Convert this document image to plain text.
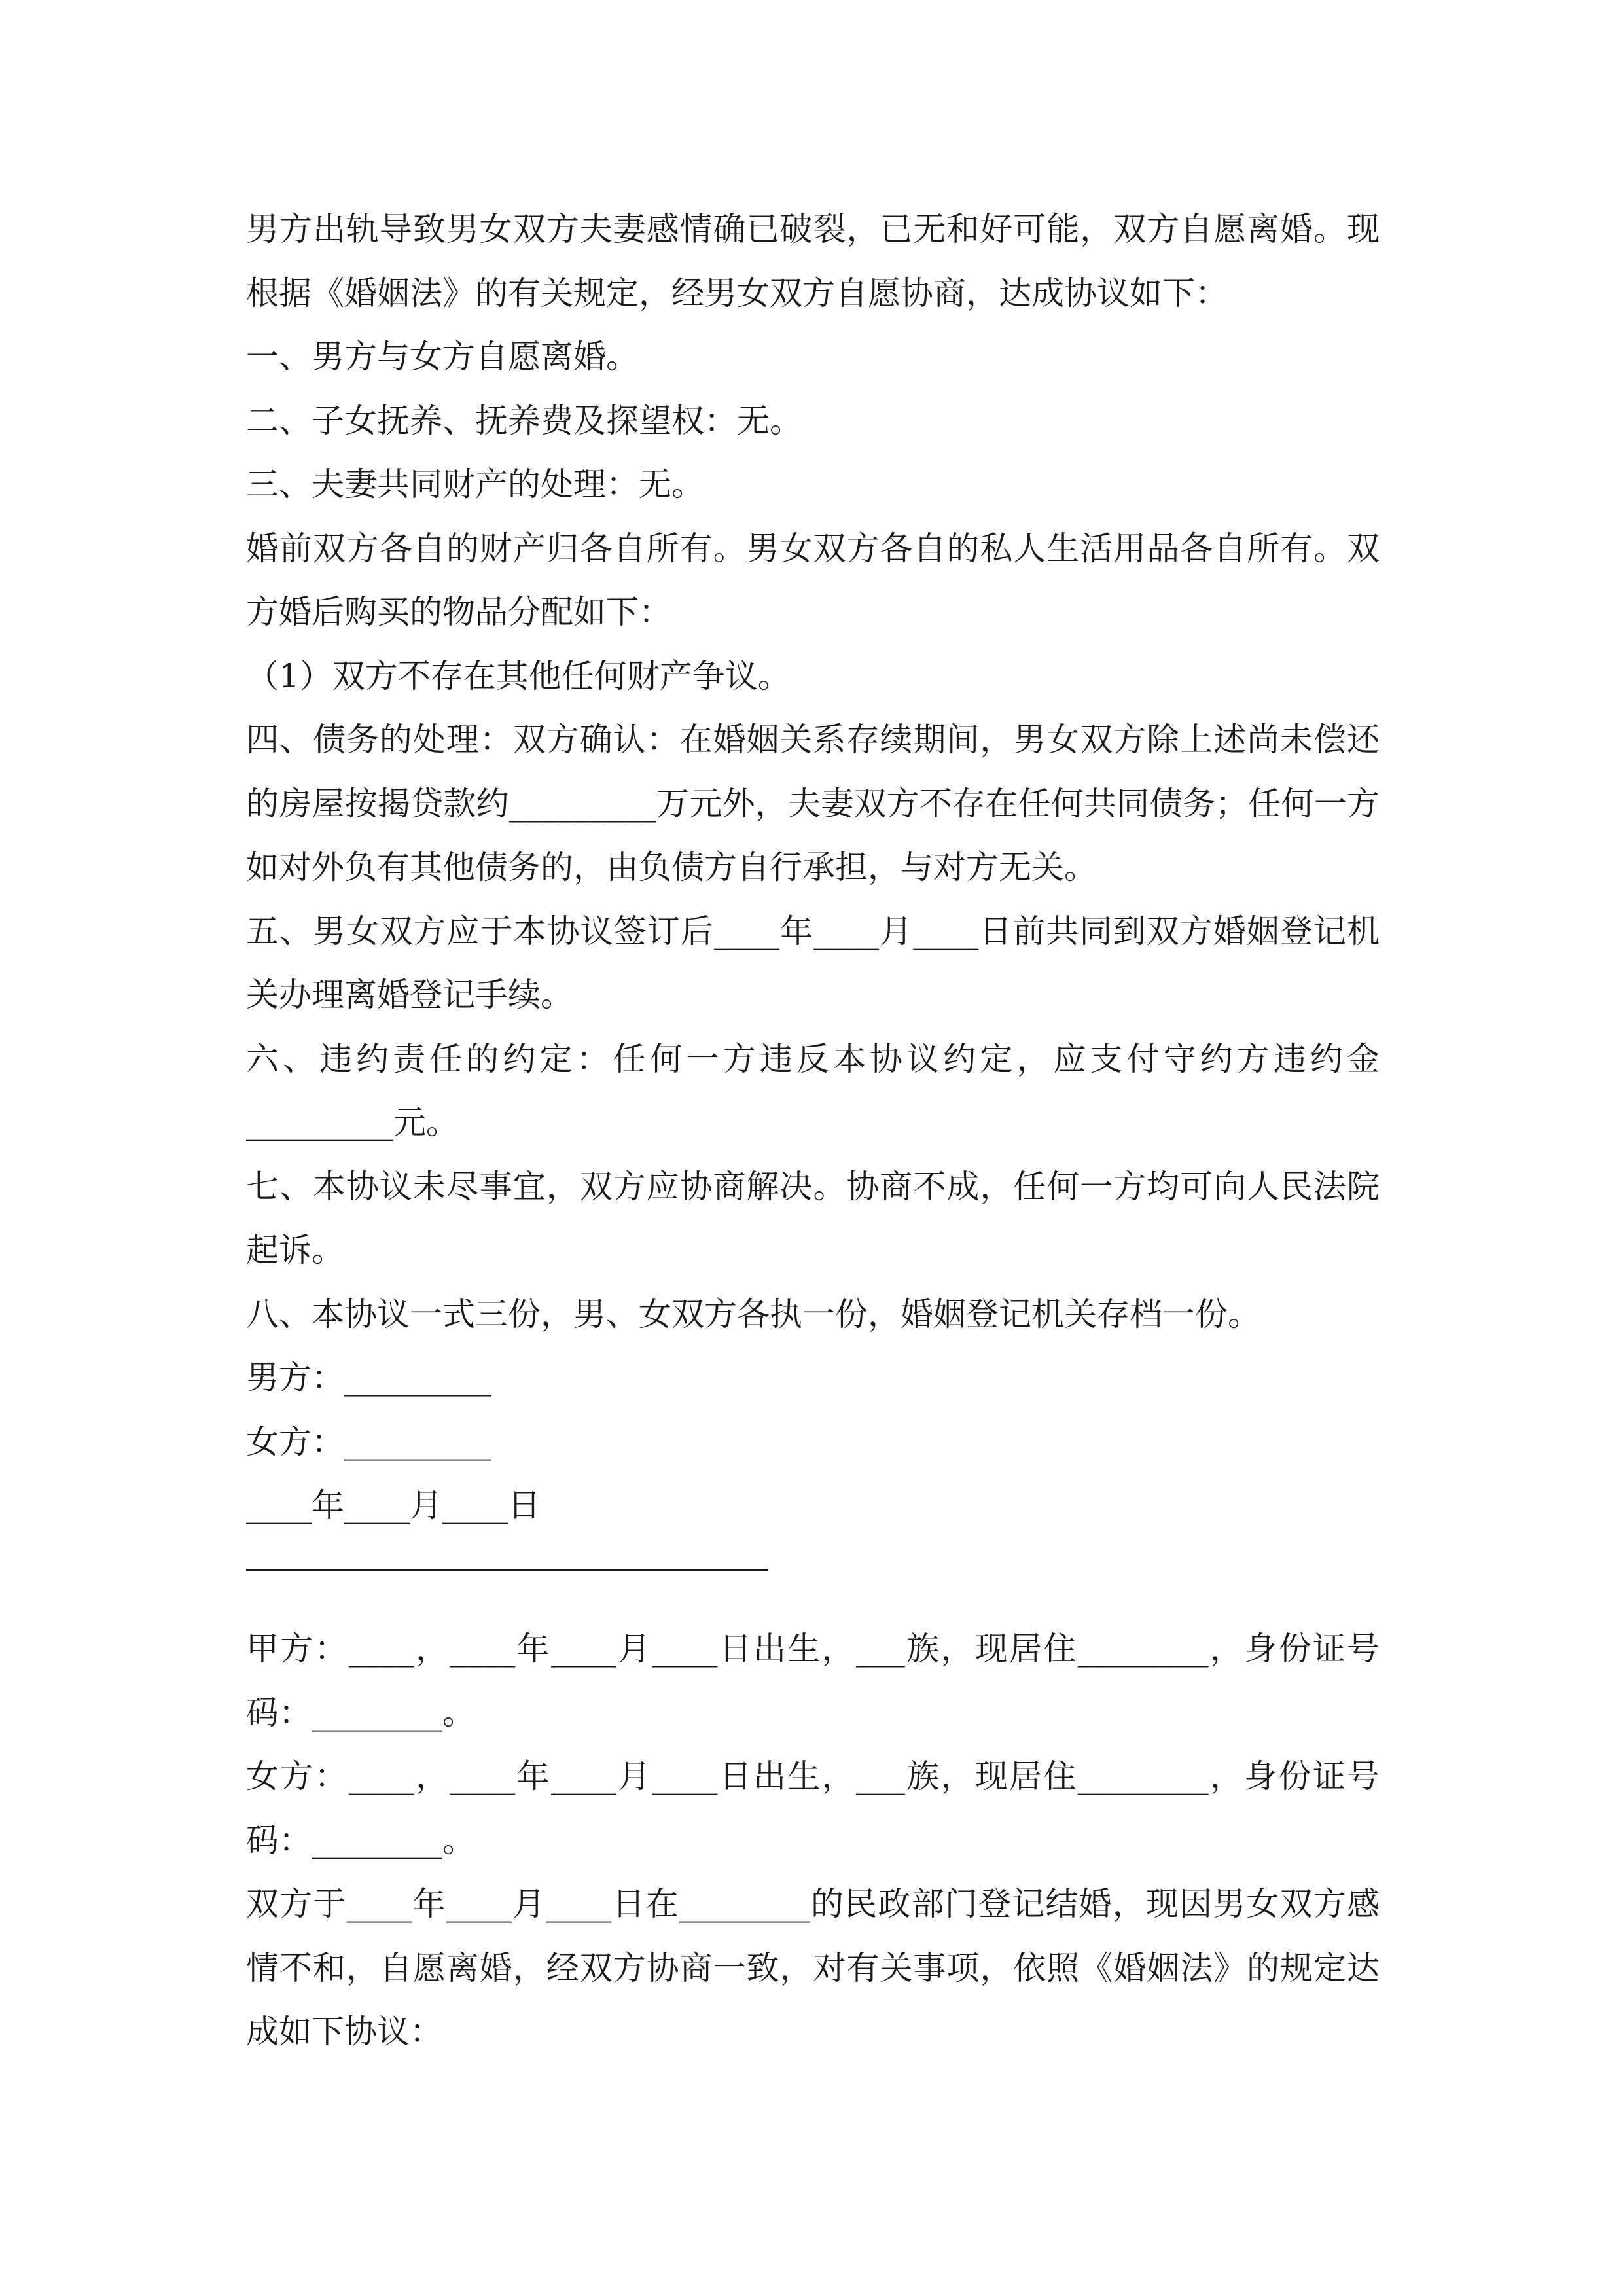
男方出轨导致男女双方夫妻感情确已破裂，已无和好可能，双方自愿离婚。现根据《婚姻法》的有关规定，经男女双方自愿协商，达成协议如下：

一、男方与女方自愿离婚。

二、子女抚养、抚养费及探望权：无。

三、夫妻共同财产的处理：无。

婚前双方各自的财产归各自所有。男女双方各自的私人生活用品各自所有。双方婚后购买的物品分配如下：

（1）双方不存在其他任何财产争议。

四、债务的处理：双方确认：在婚姻关系存续期间，男女双方除上述尚未偿还的房屋按揭贷款约_________万元外，夫妻双方不存在任何共同债务；任何一方如对外负有其他债务的，由负债方自行承担，与对方无关。

五、男女双方应于本协议签订后____年____月____日前共同到双方婚姻登记机关办理离婚登记手续。

六、违约责任的约定：任何一方违反本协议约定，应支付守约方违约金_________元。

七、本协议未尽事宜，双方应协商解决。协商不成，任何一方均可向人民法院起诉。

八、本协议一式三份，男、女双方各执一份，婚姻登记机关存档一份。

男方：_________

女方：_________

____年____月____日

甲方：____，____年____月____日出生，___族，现居住________，身份证号码：________。

女方：____，____年____月____日出生，___族，现居住________，身份证号码：________。

双方于____年____月____日在________的民政部门登记结婚，现因男女双方感情不和，自愿离婚，经双方协商一致，对有关事项，依照《婚姻法》的规定达成如下协议：
